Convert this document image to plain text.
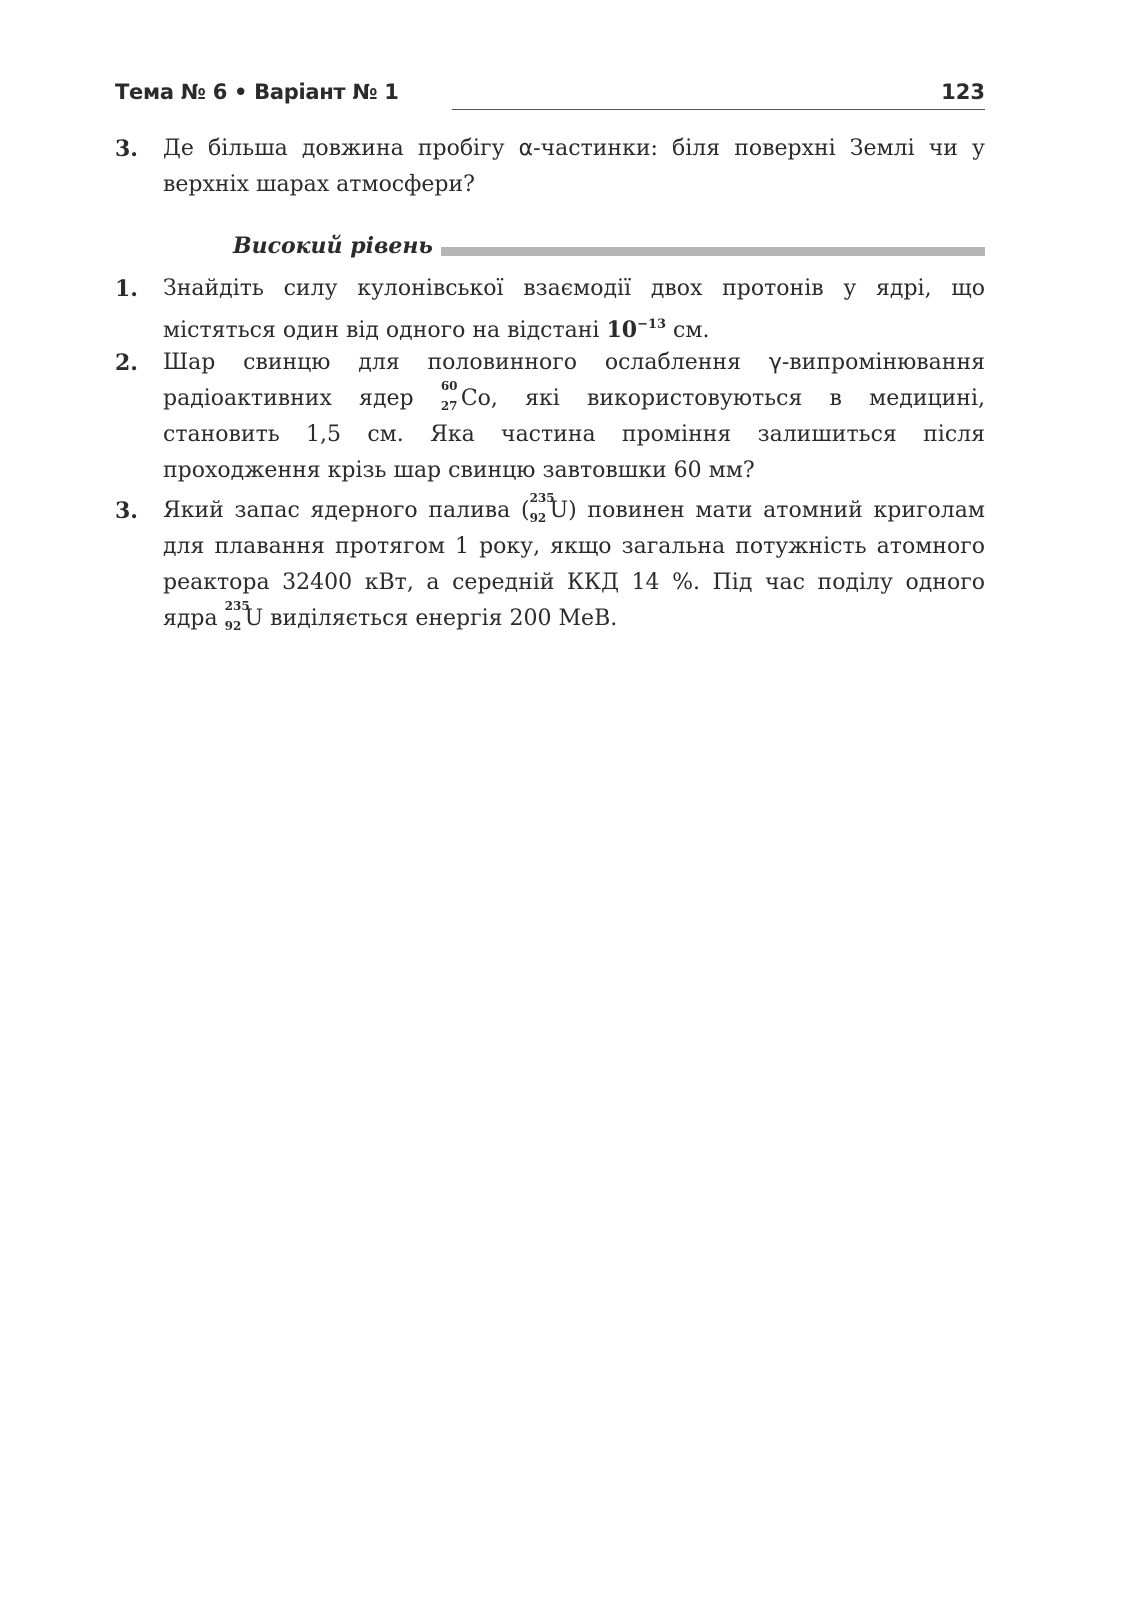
Тема № 6 • Варіант № 1	123
3. Де більша довжина пробігу α-частинки: біля поверхні Землі чи у верхніх шарах атмосфери?
Високий рівень
1. Знайдіть силу кулонівської взаємодії двох протонів у ядрі, що містяться один від одного на відстані $10^{-13}$ см.
2. Шар свинцю для половинного ослаблення γ-випромінювання радіоактивних ядер 60
27 Co, які використовуються в медицині, становить 1,5 см. Яка частина проміння залишиться після проходження крізь шар свинцю завтовшки 60 мм?
3. Який запас ядерного палива ( 235
92 U) повинен мати атомний криголам для плавання протягом 1 року, якщо загальна потужність атомного реактора 32400 кВт, а середній ККД 14 %. Під час поділу одного ядра 235
92 U виділяється енергія 200 МеВ.
